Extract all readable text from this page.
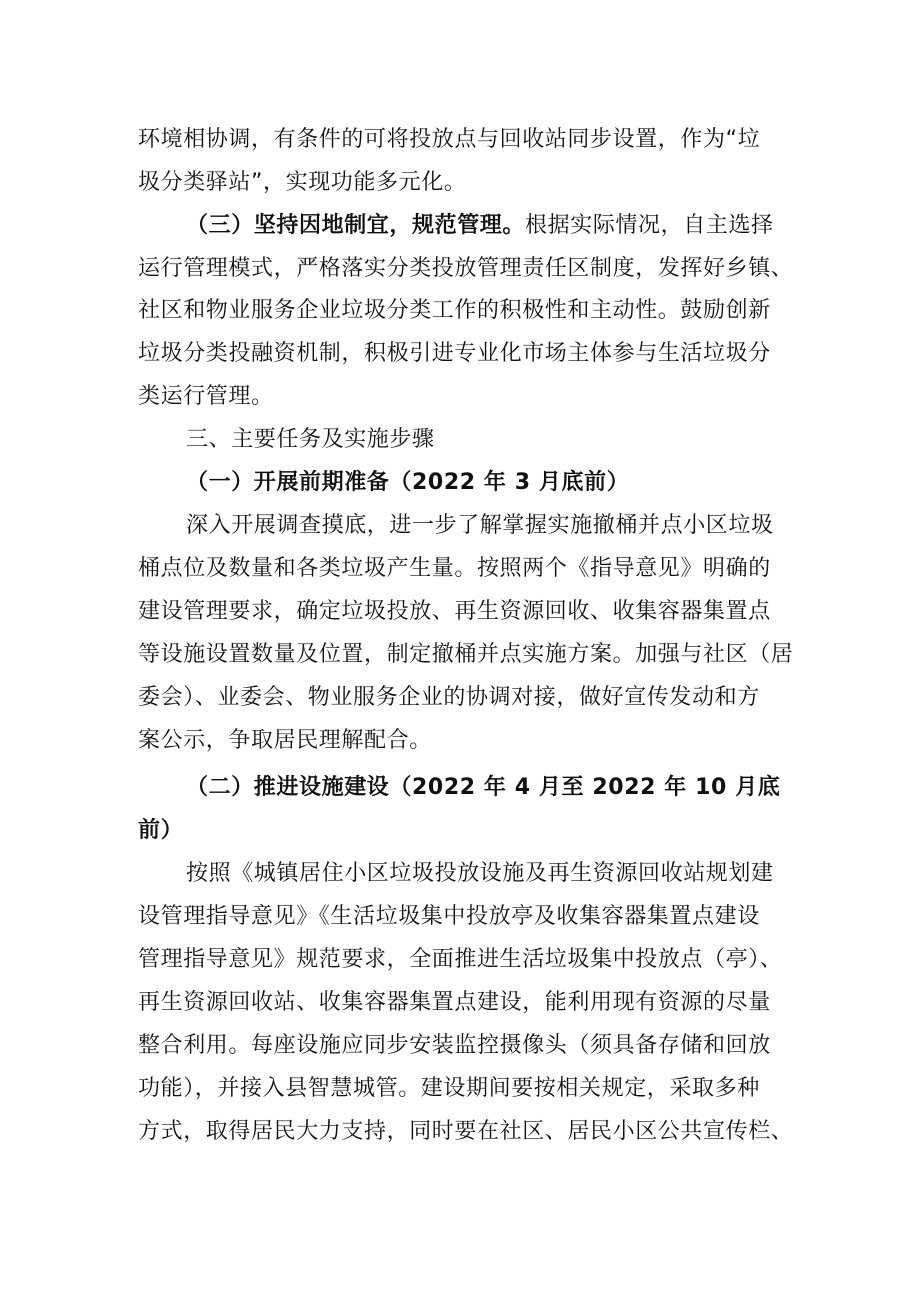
环境相协调，有条件的可将投放点与回收站同步设置，作为“垃
圾分类驿站”，实现功能多元化。
（三）坚持因地制宜，规范管理。根据实际情况，自主选择
运行管理模式，严格落实分类投放管理责任区制度，发挥好乡镇、
社区和物业服务企业垃圾分类工作的积极性和主动性。鼓励创新
垃圾分类投融资机制，积极引进专业化市场主体参与生活垃圾分
类运行管理。
三、主要任务及实施步骤
（一）开展前期准备（2022 年 3 月底前）
深入开展调查摸底，进一步了解掌握实施撤桶并点小区垃圾
桶点位及数量和各类垃圾产生量。按照两个《指导意见》明确的
建设管理要求，确定垃圾投放、再生资源回收、收集容器集置点
等设施设置数量及位置，制定撤桶并点实施方案。加强与社区（居
委会）、业委会、物业服务企业的协调对接，做好宣传发动和方
案公示，争取居民理解配合。
（二）推进设施建设（2022 年 4 月至 2022 年 10 月底
前）
按照《城镇居住小区垃圾投放设施及再生资源回收站规划建
设管理指导意见》《生活垃圾集中投放亭及收集容器集置点建设
管理指导意见》规范要求，全面推进生活垃圾集中投放点（亭）、
再生资源回收站、收集容器集置点建设，能利用现有资源的尽量
整合利用。每座设施应同步安装监控摄像头（须具备存储和回放
功能），并接入县智慧城管。建设期间要按相关规定，采取多种
方式，取得居民大力支持，同时要在社区、居民小区公共宣传栏、
